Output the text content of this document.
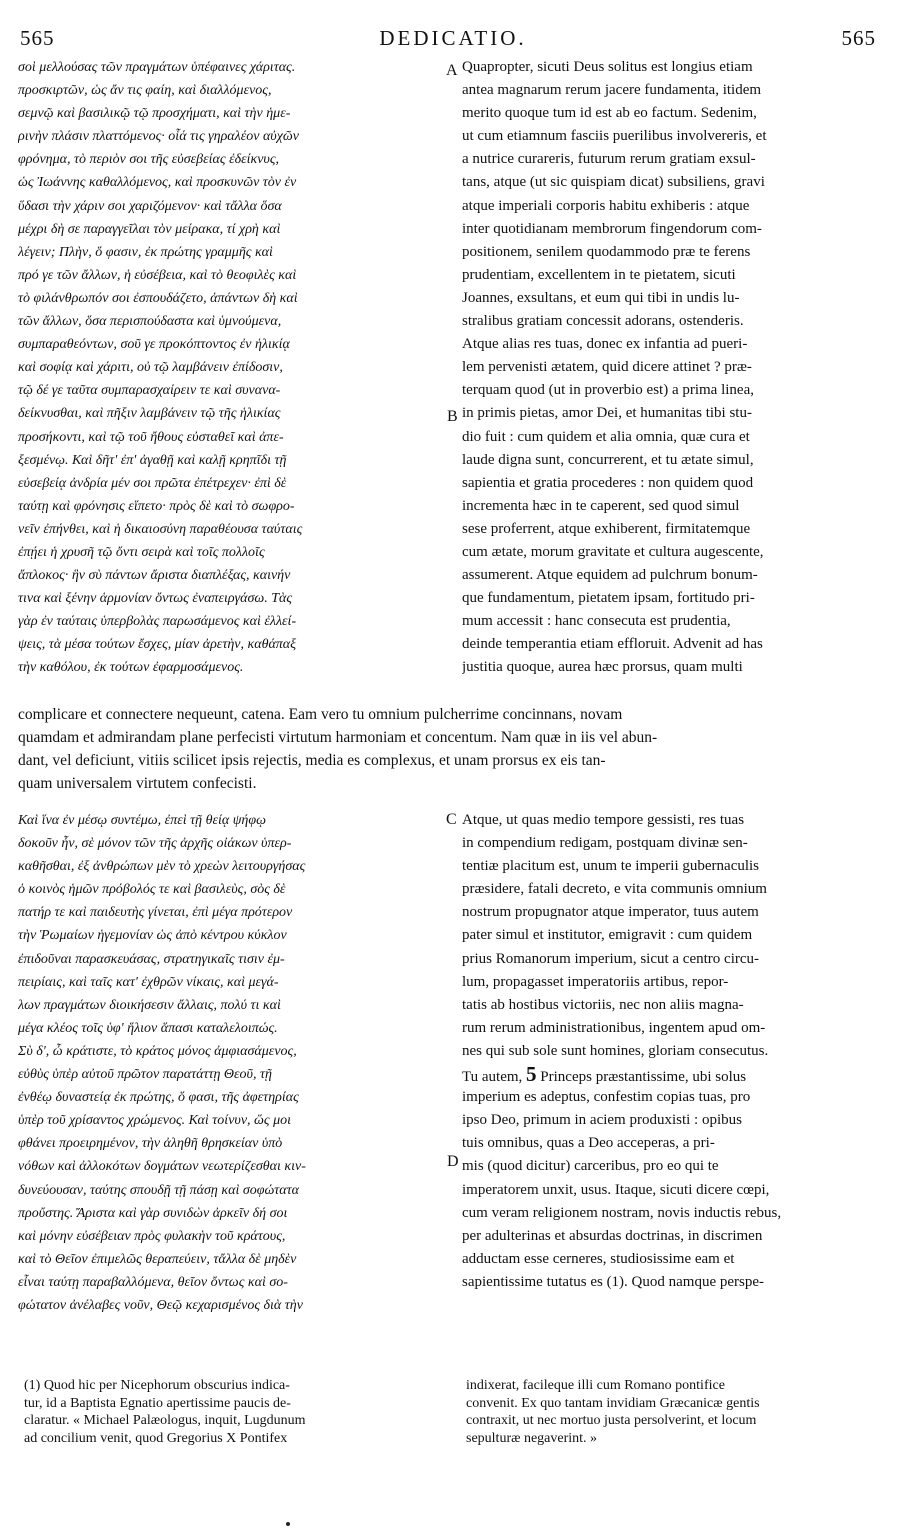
565	DEDICATIO.	565
A
B
C
D
σοὶ μελλούσας τῶν πραγμάτων ὑπέφαινες χάριτας.
προσκιρτῶν, ὡς ἄν τις φαίη, καὶ διαλλόμενος,
σεμνῷ καὶ βασιλικῷ τῷ προσχήματι, καὶ τὴν ἡμε-
ρινὴν πλάσιν πλαττόμενος· οἷά τις γηραλέον αὐχῶν
φρόνημα, τὸ περιὸν σοι τῆς εὐσεβείας ἐδείκνυς,
ὡς Ἰωάννης καθαλλόμενος, καὶ προσκυνῶν τὸν ἐν
ὕδασι τὴν χάριν σοι χαριζόμενον· καὶ τἄλλα ὅσα
μέχρι δὴ σε παραγγεῖλαι τὸν μείρακα, τί χρὴ καὶ
λέγειν; Πλὴν, ὅ φασιν, ἐκ πρώτης γραμμῆς καὶ
πρό γε τῶν ἄλλων, ἡ εὐσέβεια, καὶ τὸ θεοφιλὲς καὶ
τὸ φιλάνθρωπόν σοι ἐσπουδάζετο, ἁπάντων δὴ καὶ
τῶν ἄλλων, ὅσα περισπούδαστα καὶ ὑμνούμενα,
συμπαραθεόντων, σοῦ γε προκόπτοντος ἐν ἡλικίᾳ
καὶ σοφίᾳ καὶ χάριτι, οὐ τῷ λαμβάνειν ἐπίδοσιν,
τῷ δέ γε ταῦτα συμπαρασχαίρειν τε καὶ συνανα-
δείκνυσθαι, καὶ πῆξιν λαμβάνειν τῷ τῆς ἡλικίας
προσήκοντι, καὶ τῷ τοῦ ἤθους εὐσταθεῖ καὶ ἀπε-
ξεσμένῳ. Καὶ δῆτ' ἐπ' ἀγαθῇ καὶ καλῇ κρηπῖδι τῇ
εὐσεβείᾳ ἀνδρία μέν σοι πρῶτα ἐπέτρεχεν· ἐπὶ δὲ
ταύτῃ καὶ φρόνησις εἵπετο· πρὸς δὲ καὶ τὸ σωφρο-
νεῖν ἐπήνθει, καὶ ἡ δικαιοσύνη παραθέουσα ταύταις
ἐπῄει ἡ χρυσῆ τῷ ὄντι σειρὰ καὶ τοῖς πολλοῖς
ἄπλοκος· ἣν σὺ πάντων ἄριστα διαπλέξας, καινήν
τινα καὶ ξένην ἁρμονίαν ὄντως ἐναπειργάσω. Τὰς
γὰρ ἐν ταύταις ὑπερβολὰς παρωσάμενος καὶ ἐλλεί-
ψεις, τὰ μέσα τούτων ἔσχες, μίαν ἀρετὴν, καθάπαξ
τὴν καθόλου, ἐκ τούτων ἐφαρμοσάμενος.
Quapropter, sicuti Deus solitus est longius etiam
antea magnarum rerum jacere fundamenta, itidem
merito quoque tum id est ab eo factum. Sedenim,
ut cum etiamnum fasciis puerilibus involvereris, et
a nutrice curareris, futurum rerum gratiam exsul-
tans, atque (ut sic quispiam dicat) subsiliens, gravi
atque imperiali corporis habitu exhiberis : atque
inter quotidianam membrorum fingendorum com-
positionem, senilem quodammodo præ te ferens
prudentiam, excellentem in te pietatem, sicuti
Joannes, exsultans, et eum qui tibi in undis lu-
stralibus gratiam concessit adorans, ostenderis.
Atque alias res tuas, donec ex infantia ad pueri-
lem pervenisti ætatem, quid dicere attinet ? præ-
terquam quod (ut in proverbio est) a prima linea,
in primis pietas, amor Dei, et humanitas tibi stu-
dio fuit : cum quidem et alia omnia, quæ cura et
laude digna sunt, concurrerent, et tu ætate simul,
sapientia et gratia procederes : non quidem quod
incrementa hæc in te caperent, sed quod simul
sese proferrent, atque exhiberent, firmitatemque
cum ætate, morum gravitate et cultura augescente,
assumerent. Atque equidem ad pulchrum bonum-
que fundamentum, pietatem ipsam, fortitudo pri-
mum accessit : hanc consecuta est prudentia,
deinde temperantia etiam effloruit. Advenit ad has
justitia quoque, aurea hæc prorsus, quam multi
complicare et connectere nequeunt, catena. Eam vero tu omnium pulcherrime concinnans, novam
quamdam et admirandam plane perfecisti virtutum harmoniam et concentum. Nam quæ in iis vel abun-
dant, vel deficiunt, vitiis scilicet ipsis rejectis, media es complexus, et unam prorsus ex eis tan-
quam universalem virtutem confecisti.
Καὶ ἵνα ἐν μέσῳ συντέμω, ἐπεὶ τῇ θείᾳ ψήφῳ
δοκοῦν ἦν, σὲ μόνον τῶν τῆς ἀρχῆς οἰάκων ὑπερ-
καθῆσθαι, ἐξ ἀνθρώπων μὲν τὸ χρεὼν λειτουργήσας
ὁ κοινὸς ἡμῶν πρόβολός τε καὶ βασιλεὺς, σὸς δὲ
πατήρ τε καὶ παιδευτὴς γίνεται, ἐπὶ μέγα πρότερον
τὴν Ῥωμαίων ἡγεμονίαν ὡς ἀπὸ κέντρου κύκλον
ἐπιδοῦναι παρασκευάσας, στρατηγικαῖς τισιν ἐμ-
πειρίαις, καὶ ταῖς κατ' ἐχθρῶν νίκαις, καὶ μεγά-
λων πραγμάτων διοικήσεσιν ἄλλαις, πολύ τι καὶ
μέγα κλέος τοῖς ὑφ' ἥλιον ἅπασι καταλελοιπώς.
Σὺ δ', ὦ κράτιστε, τὸ κράτος μόνος ἀμφιασάμενος,
εὐθὺς ὑπὲρ αὐτοῦ πρῶτον παρατάττῃ Θεοῦ, τῇ
ἐνθέῳ δυναστείᾳ ἐκ πρώτης, ὅ φασι, τῆς ἀφετηρίας
ὑπὲρ τοῦ χρίσαντος χρώμενος. Καὶ τοίνυν, ὥς μοι
φθάνει προειρημένον, τὴν ἀληθῆ θρησκείαν ὑπὸ
νόθων καὶ ἀλλοκότων δογμάτων νεωτερίζεσθαι κιν-
δυνεύουσαν, ταύτης σπουδῇ τῇ πάσῃ καὶ σοφώτατα
προὔστης. Ἄριστα καὶ γὰρ συνιδὼν ἀρκεῖν δή σοι
καὶ μόνην εὐσέβειαν πρὸς φυλακὴν τοῦ κράτους,
καὶ τὸ Θεῖον ἐπιμελῶς θεραπεύειν, τἄλλα δὲ μηδὲν
εἶναι ταύτῃ παραβαλλόμενα, θεῖον ὄντως καὶ σο-
φώτατον ἀνέλαβες νοῦν, Θεῷ κεχαρισμένος διὰ τὴν
Atque, ut quas medio tempore gessisti, res tuas
in compendium redigam, postquam divinæ sen-
tentiæ placitum est, unum te imperii gubernaculis
præsidere, fatali decreto, e vita communis omnium
nostrum propugnator atque imperator, tuus autem
pater simul et institutor, emigravit : cum quidem
prius Romanorum imperium, sicut a centro circu-
lum, propagasset imperatoriis artibus, repor-
tatis ab hostibus victoriis, nec non aliis magna-
rum rerum administrationibus, ingentem apud om-
nes qui sub sole sunt homines, gloriam consecutus.
Tu autem, 5 Princeps præstantissime, ubi solus
imperium es adeptus, confestim copias tuas, pro
ipso Deo, primum in aciem produxisti : opibus
tuis omnibus, quas a Deo acceperas, a pri-
mis (quod dicitur) carceribus, pro eo qui te
imperatorem unxit, usus. Itaque, sicuti dicere cœpi,
cum veram religionem nostram, novis inductis rebus,
per adulterinas et absurdas doctrinas, in discrimen
adductam esse cerneres, studiosissime eam et
sapientissime tutatus es (1). Quod namque perspe-
(1) Quod hic per Nicephorum obscurius indica-
tur, id a Baptista Egnatio apertissime paucis de-
claratur. « Michael Palæologus, inquit, Lugdunum
ad concilium venit, quod Gregorius X Pontifex
indixerat, facileque illi cum Romano pontifice
convenit. Ex quo tantam invidiam Græcanicæ gentis
contraxit, ut nec mortuo justa persolverint, et locum
sepulturæ negaverint. »
